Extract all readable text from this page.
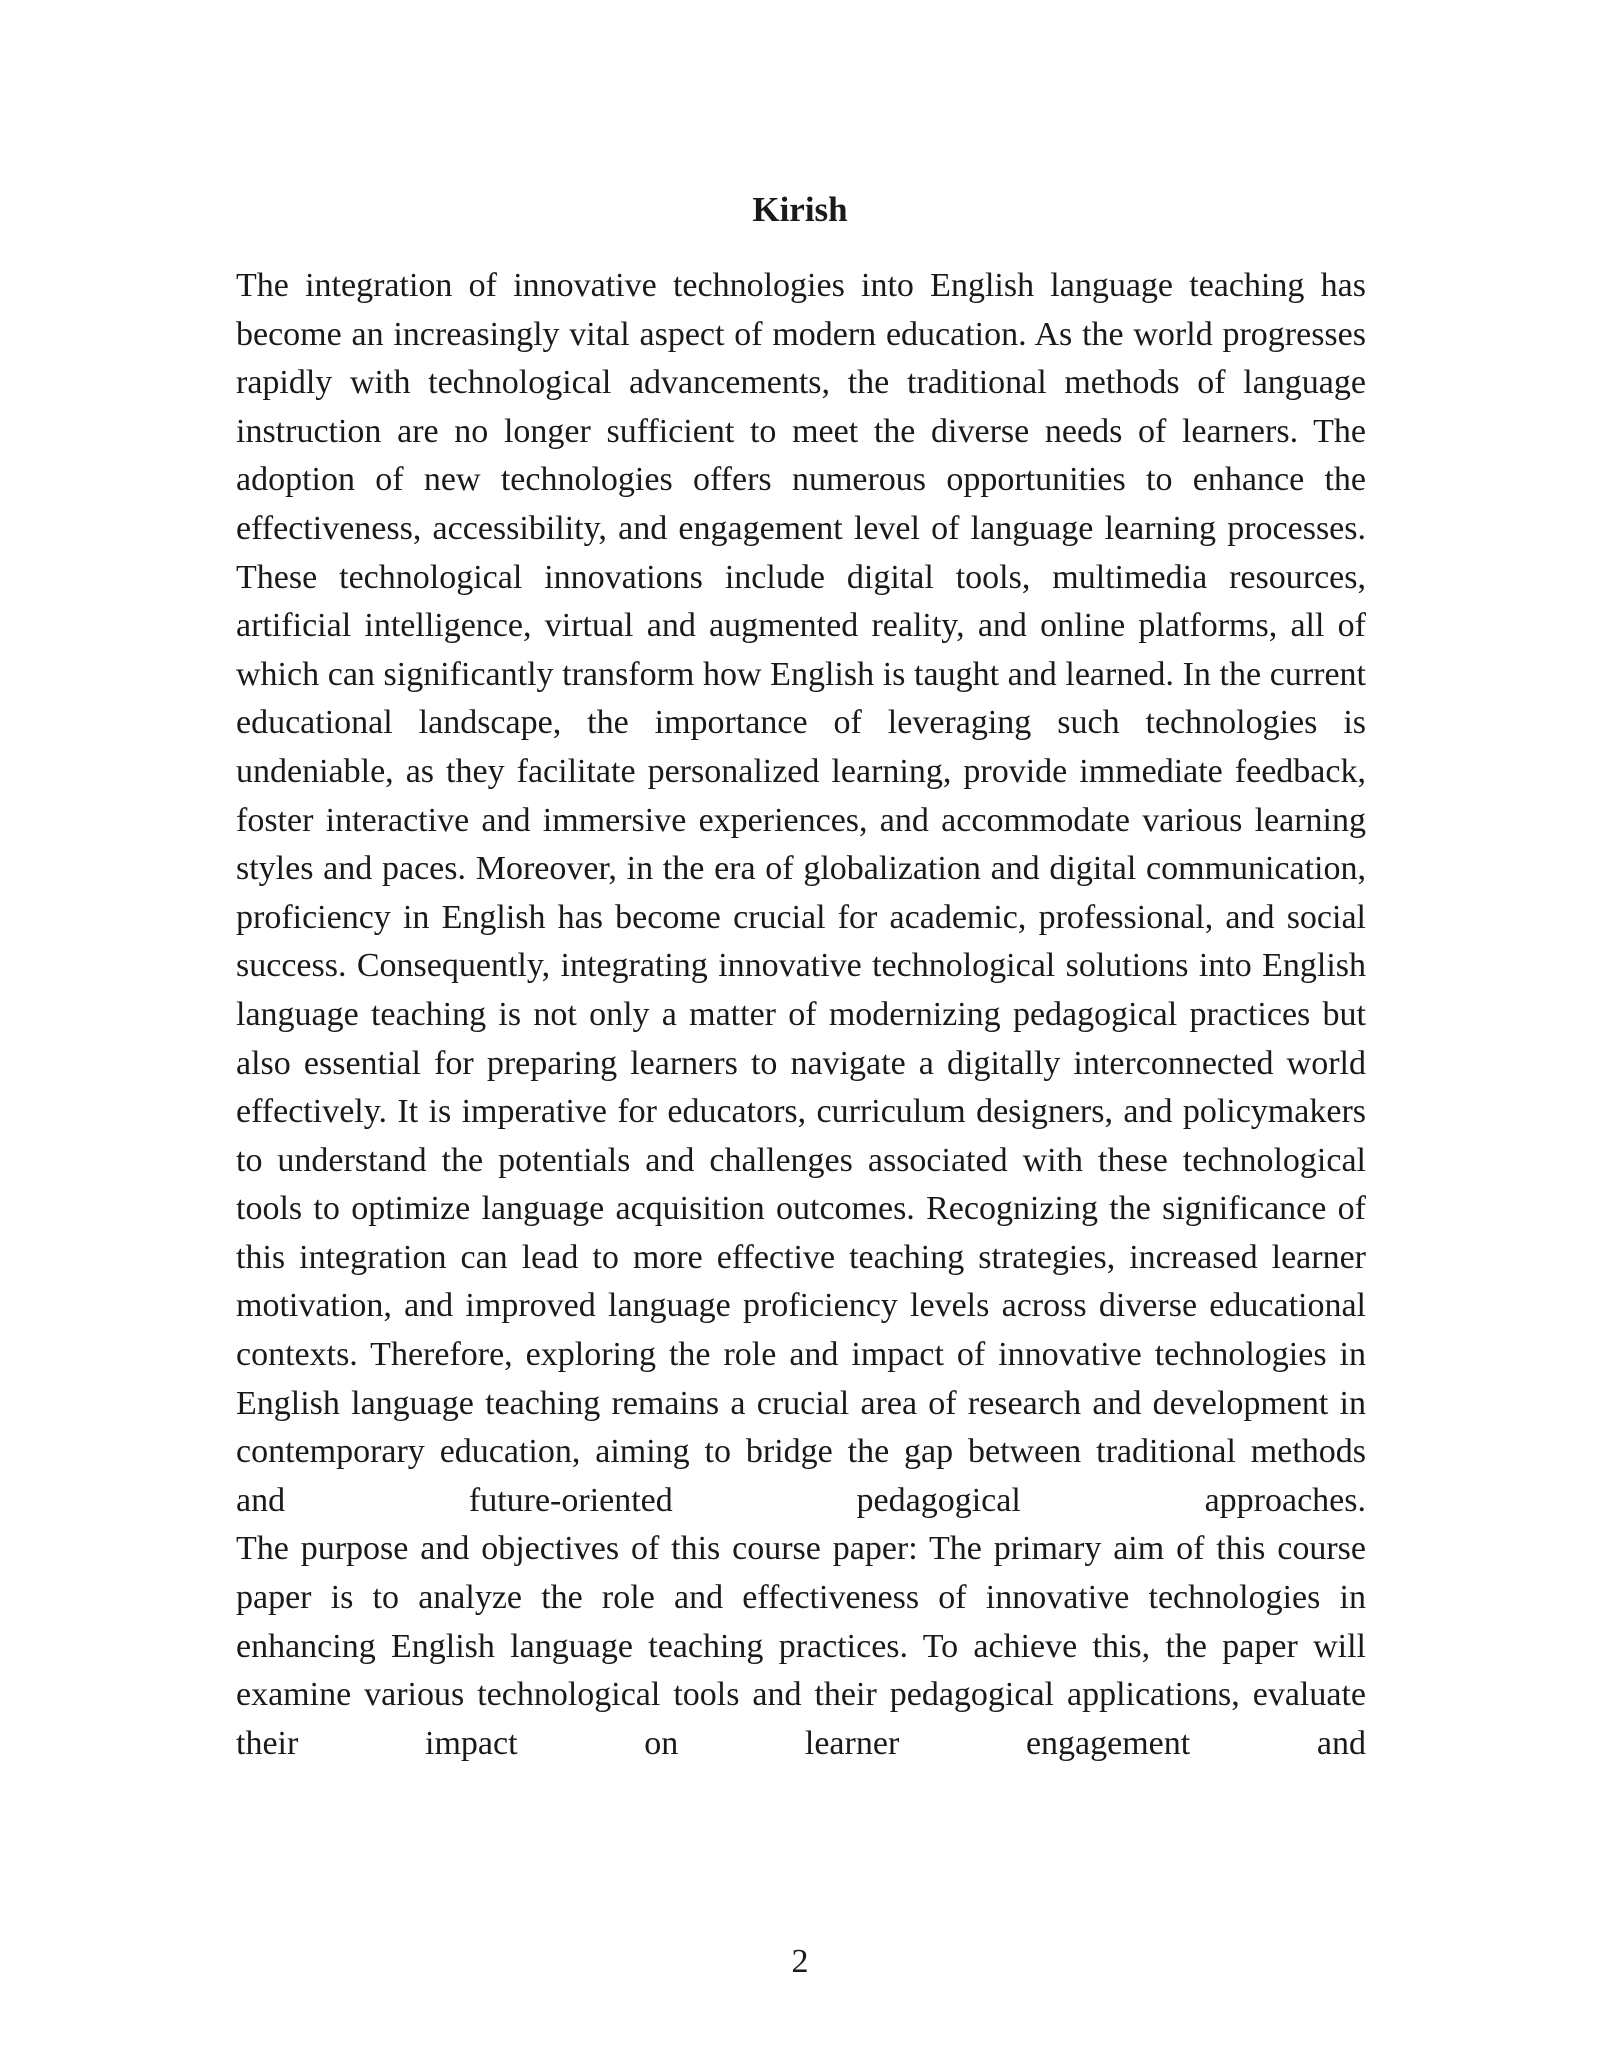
Kirish
The integration of innovative technologies into English language teaching has become an increasingly vital aspect of modern education. As the world progresses rapidly with technological advancements, the traditional methods of language instruction are no longer sufficient to meet the diverse needs of learners. The adoption of new technologies offers numerous opportunities to enhance the effectiveness, accessibility, and engagement level of language learning processes. These technological innovations include digital tools, multimedia resources, artificial intelligence, virtual and augmented reality, and online platforms, all of which can significantly transform how English is taught and learned. In the current educational landscape, the importance of leveraging such technologies is undeniable, as they facilitate personalized learning, provide immediate feedback, foster interactive and immersive experiences, and accommodate various learning styles and paces. Moreover, in the era of globalization and digital communication, proficiency in English has become crucial for academic, professional, and social success. Consequently, integrating innovative technological solutions into English language teaching is not only a matter of modernizing pedagogical practices but also essential for preparing learners to navigate a digitally interconnected world effectively. It is imperative for educators, curriculum designers, and policymakers to understand the potentials and challenges associated with these technological tools to optimize language acquisition outcomes. Recognizing the significance of this integration can lead to more effective teaching strategies, increased learner motivation, and improved language proficiency levels across diverse educational contexts. Therefore, exploring the role and impact of innovative technologies in English language teaching remains a crucial area of research and development in contemporary education, aiming to bridge the gap between traditional methods and future-oriented pedagogical approaches.
The purpose and objectives of this course paper: The primary aim of this course paper is to analyze the role and effectiveness of innovative technologies in enhancing English language teaching practices. To achieve this, the paper will examine various technological tools and their pedagogical applications, evaluate their impact on learner engagement and
2
